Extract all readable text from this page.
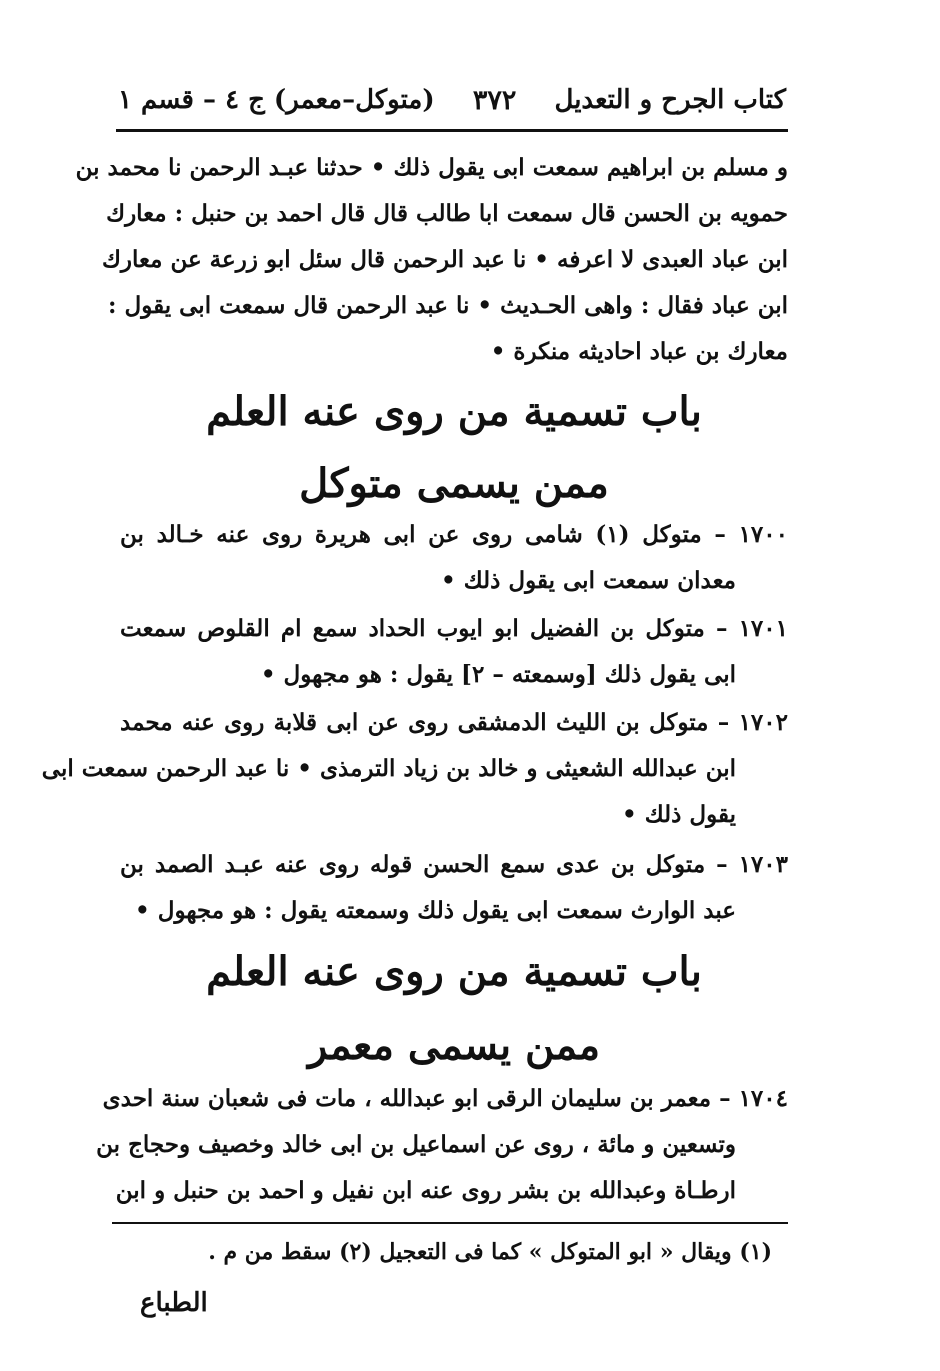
كتاب الجرح و التعديل
٣٧٢
(متوكل–معمر) ج ٤ – قسم ١
و مسلم بن ابراهيم سمعت ابى يقول ذلك • حدثنا عبـد الرحمن نا محمد بن
حمويه بن الحسن قال سمعت ابا طالب قال قال احمد بن حنبل : معارك
ابن عباد العبدى لا اعرفه • نا عبد الرحمن قال سئل ابو زرعة عن معارك
ابن عباد فقال : واهى الحـديث • نا عبد الرحمن قال سمعت ابى يقول :
معارك بن عباد احاديثه منكرة •
باب تسمية من روى عنه العلم
ممن يسمى متوكل
١٧٠٠ – متوكل (١) شامى روى عن ابى هريرة روى عنه خـالد بن
معدان سمعت ابى يقول ذلك •
١٧٠١ – متوكل بن الفضيل ابو ايوب الحداد سمع ام القلوص سمعت
ابى يقول ذلك [وسمعته – ٢] يقول : هو مجهول •
١٧٠٢ – متوكل بن الليث الدمشقى روى عن ابى قلابة روى عنه محمد
ابن عبدالله الشعيثى و خالد بن زياد الترمذى • نا عبد الرحمن سمعت ابى
يقول ذلك •
١٧٠٣ – متوكل بن عدى سمع الحسن قوله روى عنه عبـد الصمد بن
عبد الوارث سمعت ابى يقول ذلك وسمعته يقول : هو مجهول •
باب تسمية من روى عنه العلم
ممن يسمى معمر
١٧٠٤ – معمر بن سليمان الرقى ابو عبدالله ، مات فى شعبان سنة احدى
وتسعين و مائة ، روى عن اسماعيل بن ابى خالد وخصيف وحجاج بن
ارطـاة وعبدالله بن بشر روى عنه ابن نفيل و احمد بن حنبل و ابن
(١) ويقال « ابو المتوكل » كما فى التعجيل (٢) سقط من م .
الطباع
